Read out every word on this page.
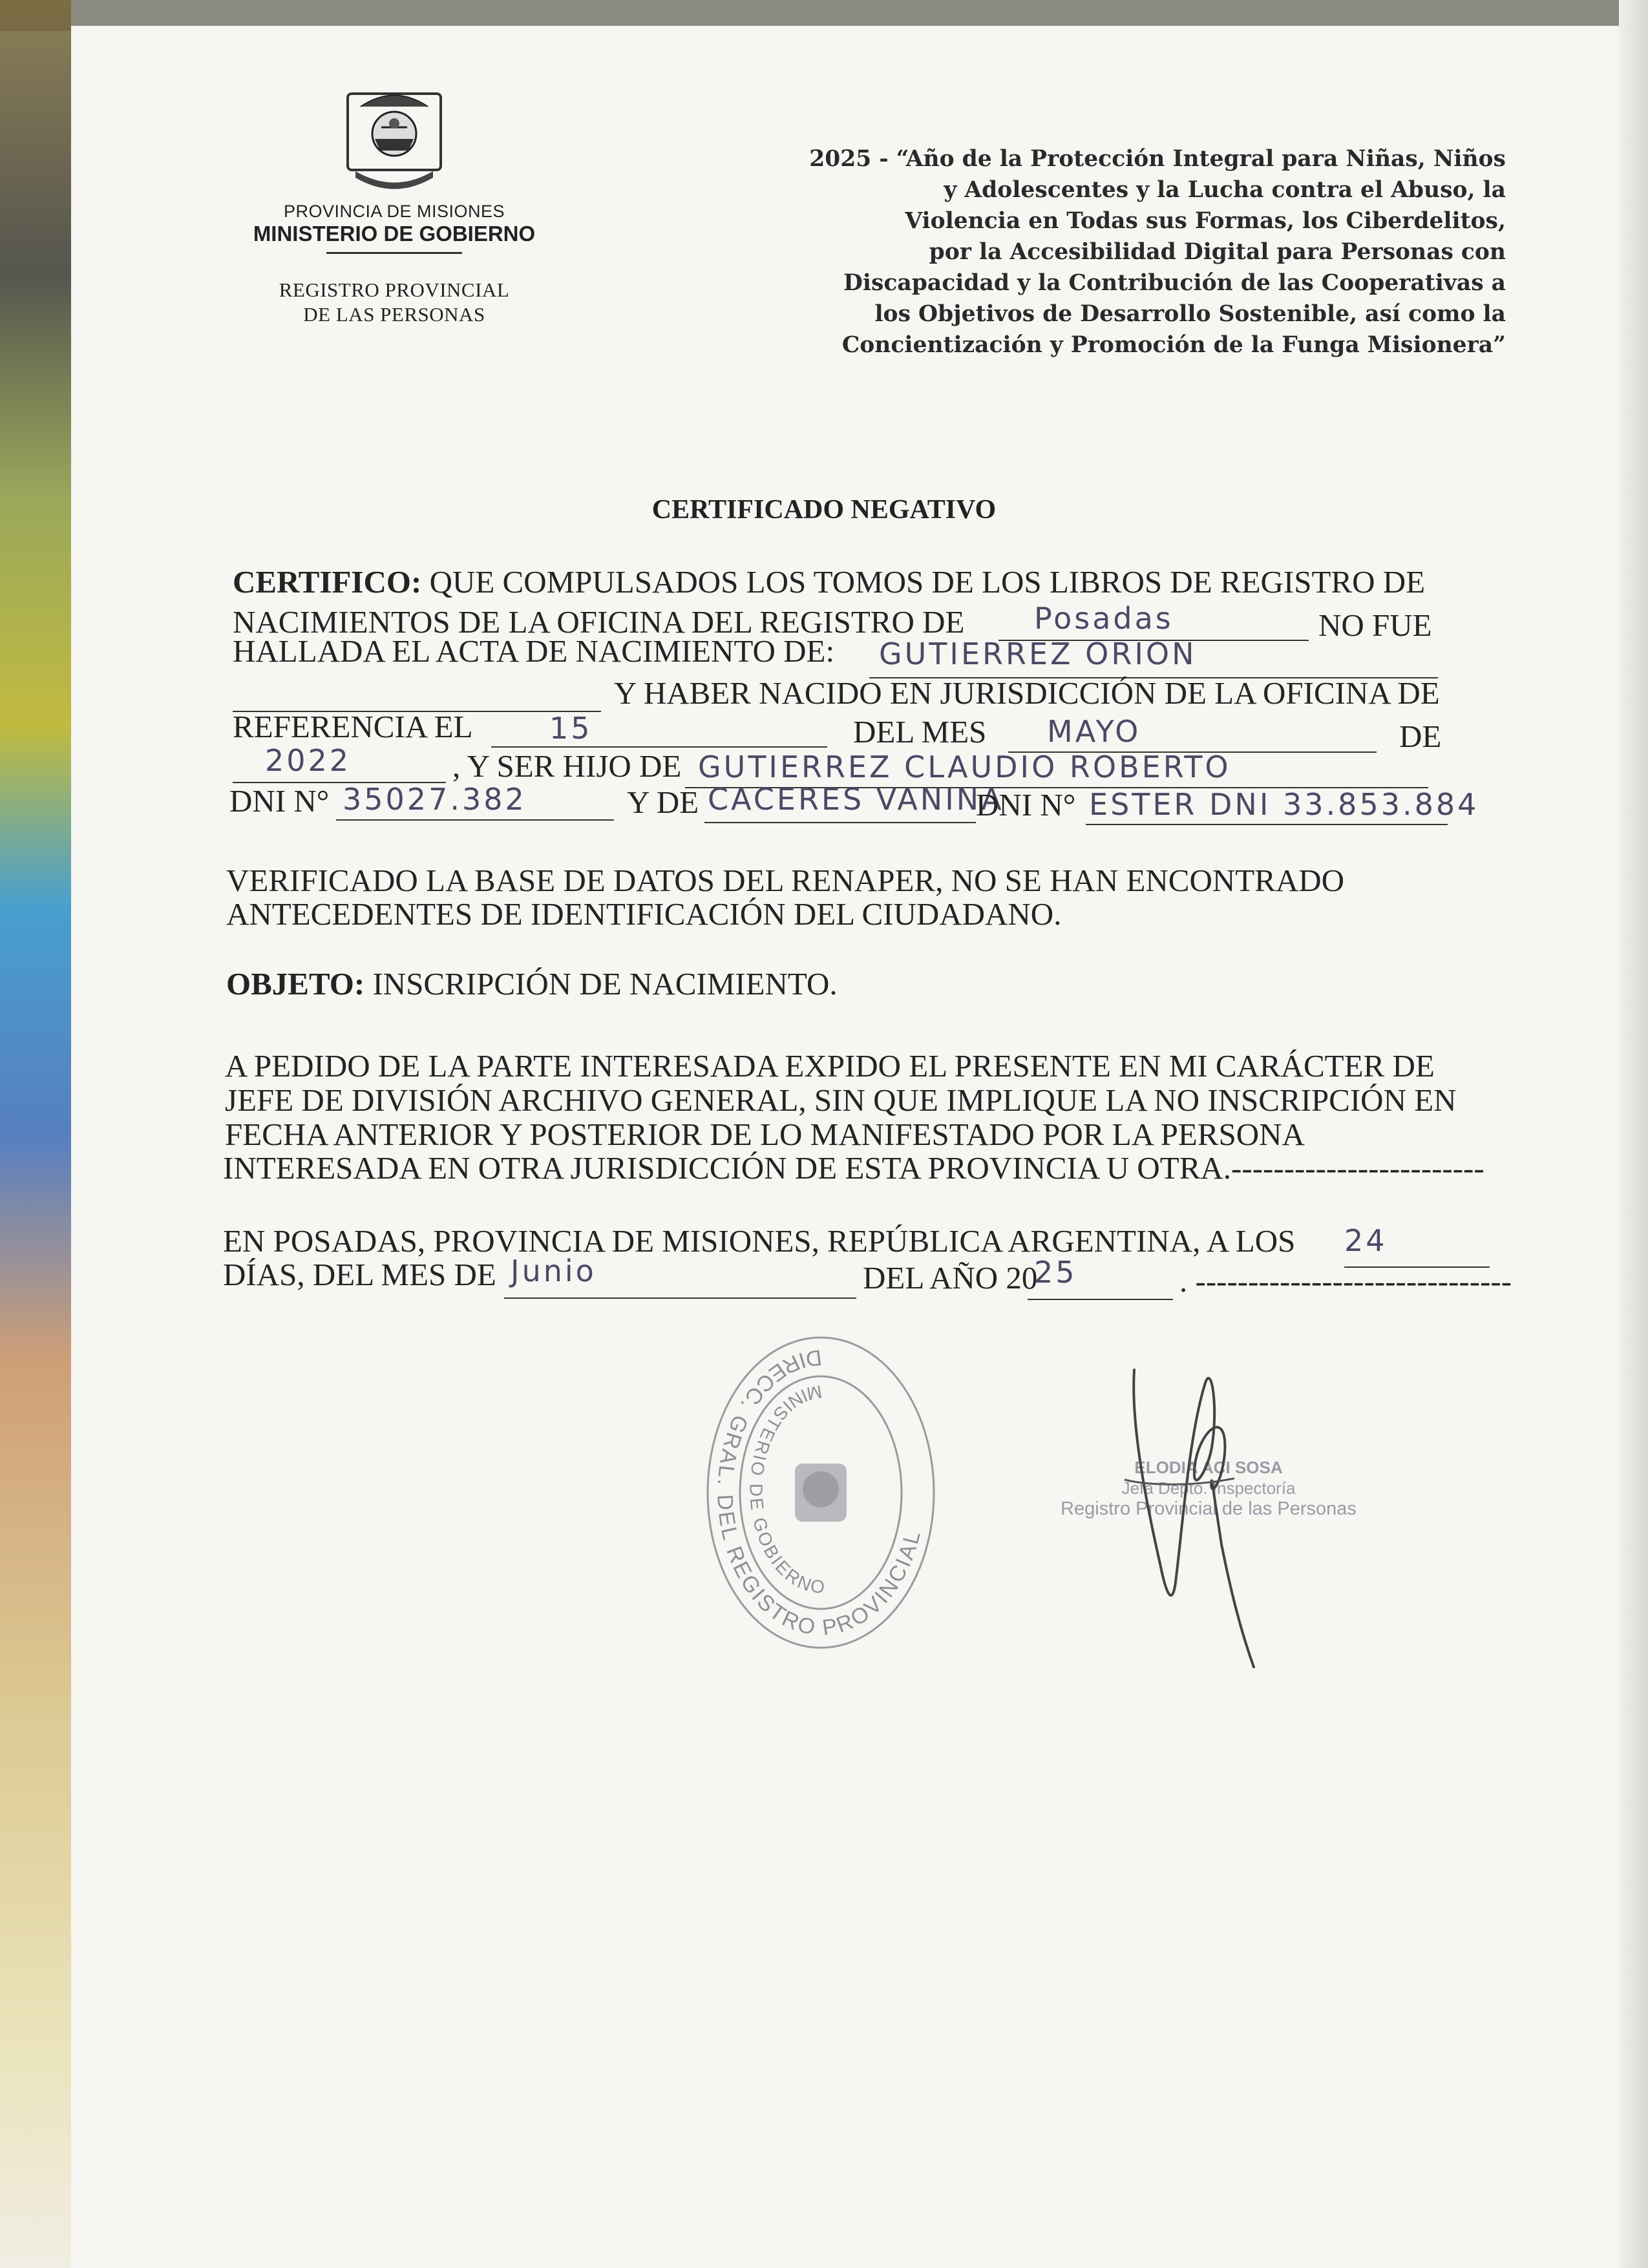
PROVINCIA DE MISIONES
MINISTERIO DE GOBIERNO
REGISTRO PROVINCIAL
DE LAS PERSONAS
2025 - “Año de la Protección Integral para Niñas, Niños
y Adolescentes y la Lucha contra el Abuso, la
Violencia en Todas sus Formas, los Ciberdelitos,
por la Accesibilidad Digital para Personas con
Discapacidad y la Contribución de las Cooperativas a
los Objetivos de Desarrollo Sostenible, así como la
Concientización y Promoción de la Funga Misionera”
CERTIFICADO NEGATIVO
CERTIFICO: QUE COMPULSADOS LOS TOMOS DE LOS LIBROS DE REGISTRO DE
NACIMIENTOS DE LA OFICINA DEL REGISTRO DE Posadas	NO FUE
HALLADA EL ACTA DE NACIMIENTO DE: GUTIERREZ ORION
Y HABER NACIDO EN JURISDICCIÓN DE LA OFICINA DE
REFERENCIA EL	15	DEL MES MAYO	DE
2022	, Y SER HIJO DE GUTIERREZ CLAUDIO ROBERTO
DNI N° 35027.382	Y DE CACERES VANINA
DNI N° ESTER DNI 33.853.884
VERIFICADO LA BASE DE DATOS DEL RENAPER, NO SE HAN ENCONTRADO
ANTECEDENTES DE IDENTIFICACIÓN DEL CIUDADANO.
OBJETO: INSCRIPCIÓN DE NACIMIENTO.
A PEDIDO DE LA PARTE INTERESADA EXPIDO EL PRESENTE EN MI CARÁCTER DE
JEFE DE DIVISIÓN ARCHIVO GENERAL, SIN QUE IMPLIQUE LA NO INSCRIPCIÓN EN
FECHA ANTERIOR Y POSTERIOR DE LO MANIFESTADO POR LA PERSONA
INTERESADA EN OTRA JURISDICCIÓN DE ESTA PROVINCIA U OTRA.------------------------
EN POSADAS, PROVINCIA DE MISIONES, REPÚBLICA ARGENTINA, A LOS 24
DÍAS, DEL MES DE Junio	DEL AÑO 20
25	. ------------------------------
DIRECC. GRAL. DEL REGISTRO PROVINCIAL
MINISTERIO DE GOBIERNO
ELODIA ACI SOSA
Jefa Depto. Inspectoría
Registro Provincial de las Personas
